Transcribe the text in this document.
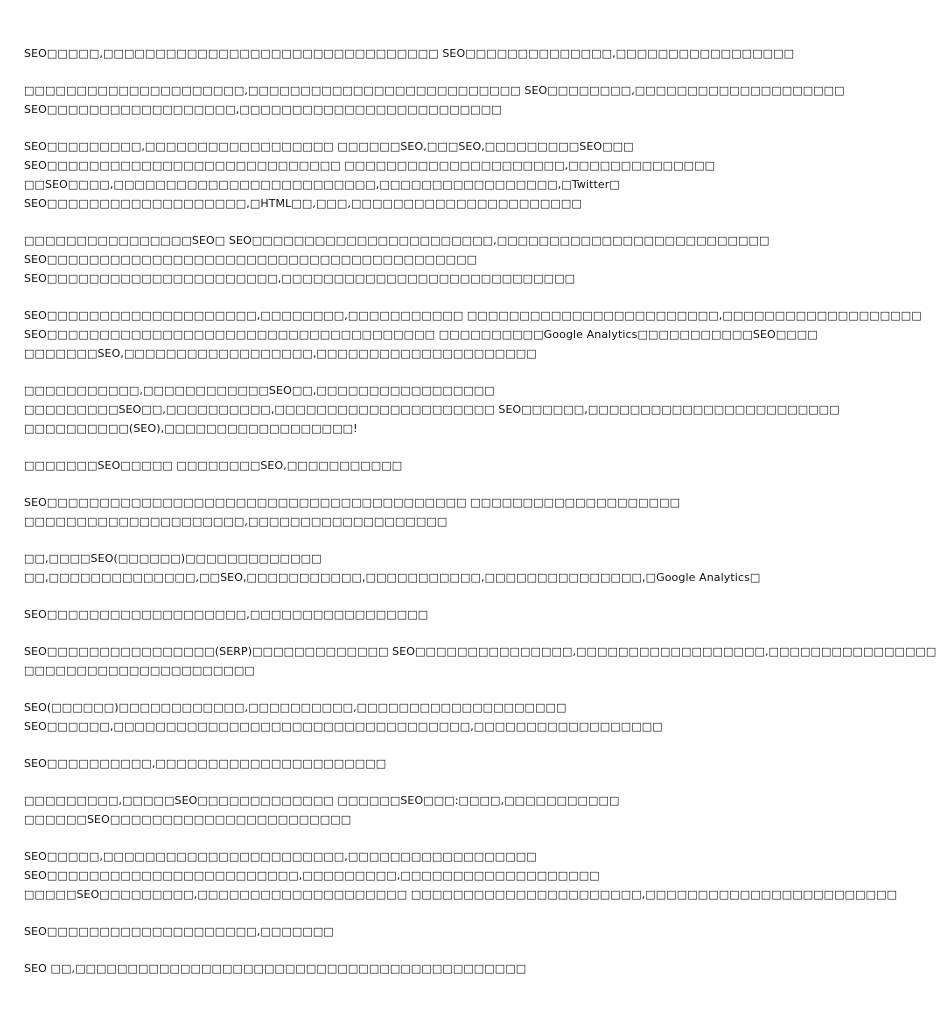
SEO□□□□□,□□□□□□□□□□□□□□□□□□□□□□□□□□□□□□□□ SEO□□□□□□□□□□□□□□,□□□□□□□□□□□□□□□□□
□□□□□□□□□□□□□□□□□□□□□,□□□□□□□□□□□□□□□□□□□□□□□□□□ SEO□□□□□□□□,□□□□□□□□□□□□□□□□□□□□
SEO□□□□□□□□□□□□□□□□□□,□□□□□□□□□□□□□□□□□□□□□□□□□
SEO□□□□□□□□□,□□□□□□□□□□□□□□□□□□ □□□□□□SEO,□□□SEO,□□□□□□□□□SEO□□□
SEO□□□□□□□□□□□□□□□□□□□□□□□□□□□□ □□□□□□□□□□□□□□□□□□□□□,□□□□□□□□□□□□□□
□□SEO□□□□,□□□□□□□□□□□□□□□□□□□□□□□□□,□□□□□□□□□□□□□□□□□,□Twitter□
SEO□□□□□□□□□□□□□□□□□□□,□HTML□□,□□□,□□□□□□□□□□□□□□□□□□□□□□
□□□□□□□□□□□□□□□□SEO□ SEO□□□□□□□□□□□□□□□□□□□□□□□,□□□□□□□□□□□□□□□□□□□□□□□□□□
SEO□□□□□□□□□□□□□□□□□□□□□□□□□□□□□□□□□□□□□□□□□
SEO□□□□□□□□□□□□□□□□□□□□□□,□□□□□□□□□□□□□□□□□□□□□□□□□□□□
SEO□□□□□□□□□□□□□□□□□□□□,□□□□□□□□,□□□□□□□□□□□ □□□□□□□□□□□□□□□□□□□□□□□□,□□□□□□□□□□□□□□□□□□□
SEO□□□□□□□□□□□□□□□□□□□□□□□□□□□□□□□□□□□□□ □□□□□□□□□□Google Analytics□□□□□□□□□□□SEO□□□□
□□□□□□□SEO,□□□□□□□□□□□□□□□□□□,□□□□□□□□□□□□□□□□□□□□□
□□□□□□□□□□□,□□□□□□□□□□□□SEO□□,□□□□□□□□□□□□□□□□□
□□□□□□□□□SEO□□,□□□□□□□□□□,□□□□□□□□□□□□□□□□□□□□□ SEO□□□□□□,□□□□□□□□□□□□□□□□□□□□□□□□
□□□□□□□□□□(SEO),□□□□□□□□□□□□□□□□□□!
□□□□□□□SEO□□□□□ □□□□□□□□SEO,□□□□□□□□□□□
SEO□□□□□□□□□□□□□□□□□□□□□□□□□□□□□□□□□□□□□□□□ □□□□□□□□□□□□□□□□□□□□
□□□□□□□□□□□□□□□□□□□□□,□□□□□□□□□□□□□□□□□□□
□□,□□□□SEO(□□□□□□)□□□□□□□□□□□□□
□□,□□□□□□□□□□□□□□,□□SEO,□□□□□□□□□□□,□□□□□□□□□□□,□□□□□□□□□□□□□□□,□Google Analytics□
SEO□□□□□□□□□□□□□□□□□□□,□□□□□□□□□□□□□□□□□
SEO□□□□□□□□□□□□□□□□(SERP)□□□□□□□□□□□□□ SEO□□□□□□□□□□□□□□□,□□□□□□□□□□□□□□□□□□,□□□□□□□□□□□□□□□□
□□□□□□□□□□□□□□□□□□□□□□
SEO(□□□□□□)□□□□□□□□□□□□,□□□□□□□□□□,□□□□□□□□□□□□□□□□□□□□
SEO□□□□□□,□□□□□□□□□□□□□□□□□□□□□□□□□□□□□□□□□□,□□□□□□□□□□□□□□□□□□
SEO□□□□□□□□□□,□□□□□□□□□□□□□□□□□□□□□□
□□□□□□□□□,□□□□□SEO□□□□□□□□□□□□□ □□□□□□SEO□□□:□□□□,□□□□□□□□□□□
□□□□□□SEO□□□□□□□□□□□□□□□□□□□□□□□
SEO□□□□□,□□□□□□□□□□□□□□□□□□□□□□□,□□□□□□□□□□□□□□□□□□
SEO□□□□□□□□□□□□□□□□□□□□□□□□,□□□□□□□□□,□□□□□□□□□□□□□□□□□□□
□□□□□SEO□□□□□□□□□,□□□□□□□□□□□□□□□□□□□□ □□□□□□□□□□□□□□□□□□□□□□,□□□□□□□□□□□□□□□□□□□□□□□□
SEO□□□□□□□□□□□□□□□□□□□□,□□□□□□□
SEO □□,□□□□□□□□□□□□□□□□□□□□□□□□□□□□□□□□□□□□□□□□□□□
